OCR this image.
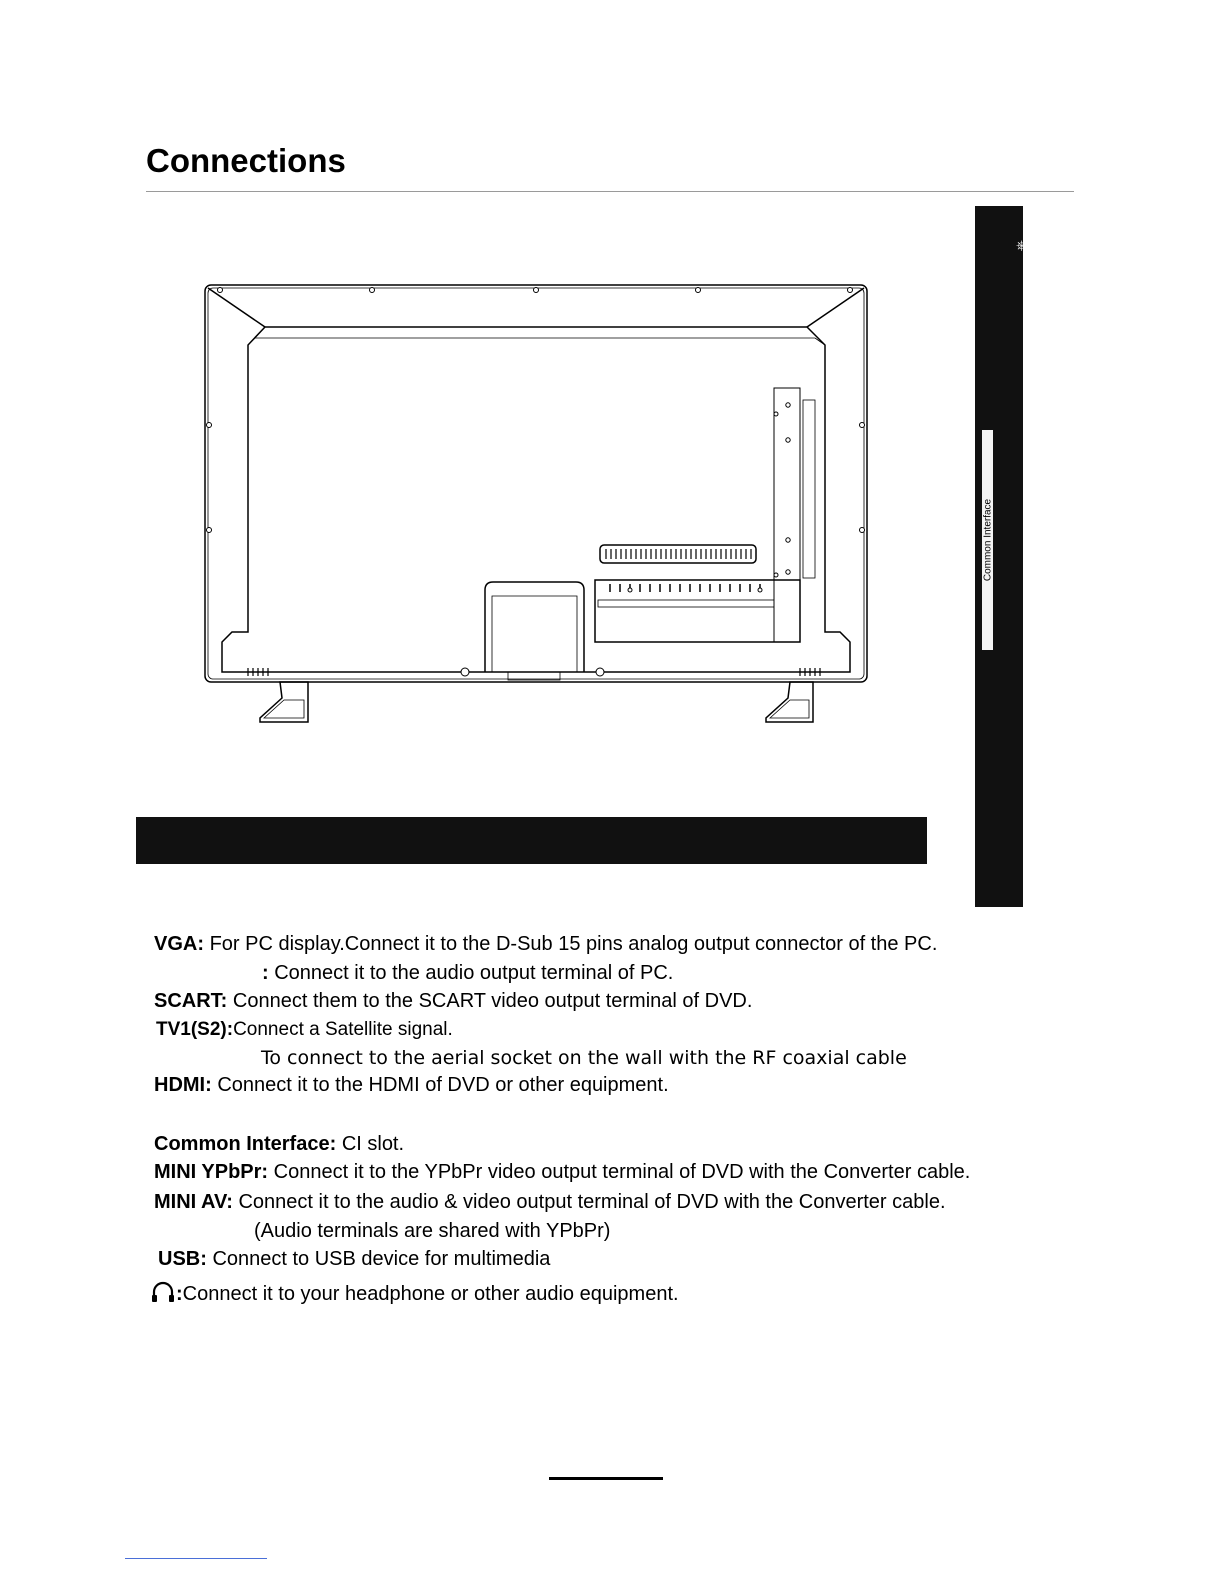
Connections
⎈
Common Interface
VGA: For PC display.Connect it to the D-Sub 15 pins analog output connector of the PC.
: Connect it to the audio output terminal of PC.
SCART: Connect them to the SCART video output terminal of DVD.
TV1(S2):Connect a Satellite signal.
To connect to the aerial socket on the wall with the RF coaxial cable
HDMI: Connect it to the HDMI of DVD or other equipment.
Common Interface: CI slot.
MINI YPbPr: Connect it to the YPbPr video output terminal of DVD with the Converter cable.
MINI AV: Connect it to the audio & video output terminal of DVD with the Converter cable.
(Audio terminals are shared with YPbPr)
USB: Connect to USB device for multimedia
:Connect it to your headphone or other audio equipment.
